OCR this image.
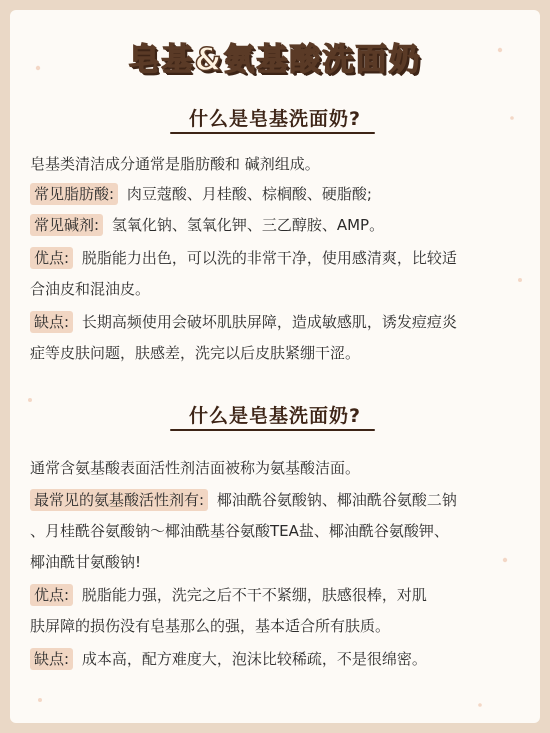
皂基&氨基酸洗面奶
什么是皂基洗面奶?
皂基类清洁成分通常是脂肪酸和 碱剂组成。
常见脂肪酸: 肉豆蔻酸、月桂酸、棕榈酸、硬脂酸;
常见碱剂: 氢氧化钠、氢氧化钾、三乙醇胺、AMP。
优点: 脱脂能力出色，可以洗的非常干净，使用感清爽，比较适
合油皮和混油皮。
缺点: 长期高频使用会破坏肌肤屏障，造成敏感肌，诱发痘痘炎
症等皮肤问题，肤感差，洗完以后皮肤紧绷干涩。
什么是皂基洗面奶?
通常含氨基酸表面活性剂洁面被称为氨基酸洁面。
最常见的氨基酸活性剂有: 椰油酰谷氨酸钠、椰油酰谷氨酸二钠
、月桂酰谷氨酸钠～椰油酰基谷氨酸TEA盐、椰油酰谷氨酸钾、
椰油酰甘氨酸钠!
优点: 脱脂能力强，洗完之后不干不紧绷，肤感很棒，对肌
肤屏障的损伤没有皂基那么的强，基本适合所有肤质。
缺点: 成本高，配方难度大，泡沫比较稀疏，不是很绵密。
